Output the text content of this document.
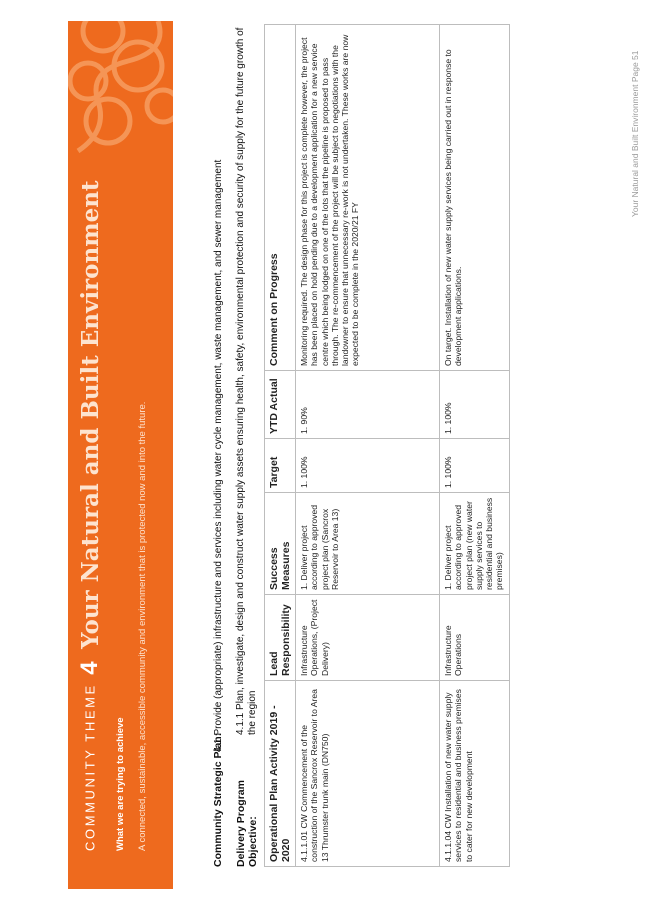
COMMUNITY THEME 4 Your Natural and Built Environment
What we are trying to achieve A connected, sustainable, accessible community and environment that is protected now and into the future.	Community Strategic Plan: 4.1 Provide (appropriate) infrastructure and services including water cycle management, waste management, and sewer management
Delivery Program Objective:4.1.1 Plan, investigate, design and construct water supply assets ensuring health, safety, environmental protection and security of supply for the future growth of the region Operational Plan Activity 2019 - 2020	Lead Responsibility	Success Measures	Target	YTD Actual	Comment on Progress
4.1.1.01 CW Commencement of the construction of the Sancrox Reservoir to Area 13 Thrumster trunk main (DN750)	Infrastructure Operations, (Project Delivery)	1. Deliver project according to approved project plan (Sancrox Reservoir to Area 13)	1. 100%	1. 90%	Monitoring required. The design phase for this project is complete however, the project has been placed on hold pending due to a development application for a new service centre which being lodged on one of the lots that the pipeline is proposed to pass through. The re-commencement of the project will be subject to negotiations with the landowner to ensure that unnecessary re-work is not undertaken. These works are now expected to be complete in the 2020/21 FY
4.1.1.04 CW Installation of new water supply services to residential and business premises to cater for new development	Infrastructure Operations	1. Deliver project according to approved project plan (new water supply services to residential and business premises)	1. 100%	1. 100%	On target. Installation of new water supply services being carried out in response to development applications.
Your Natural and Built Environment Page 51
